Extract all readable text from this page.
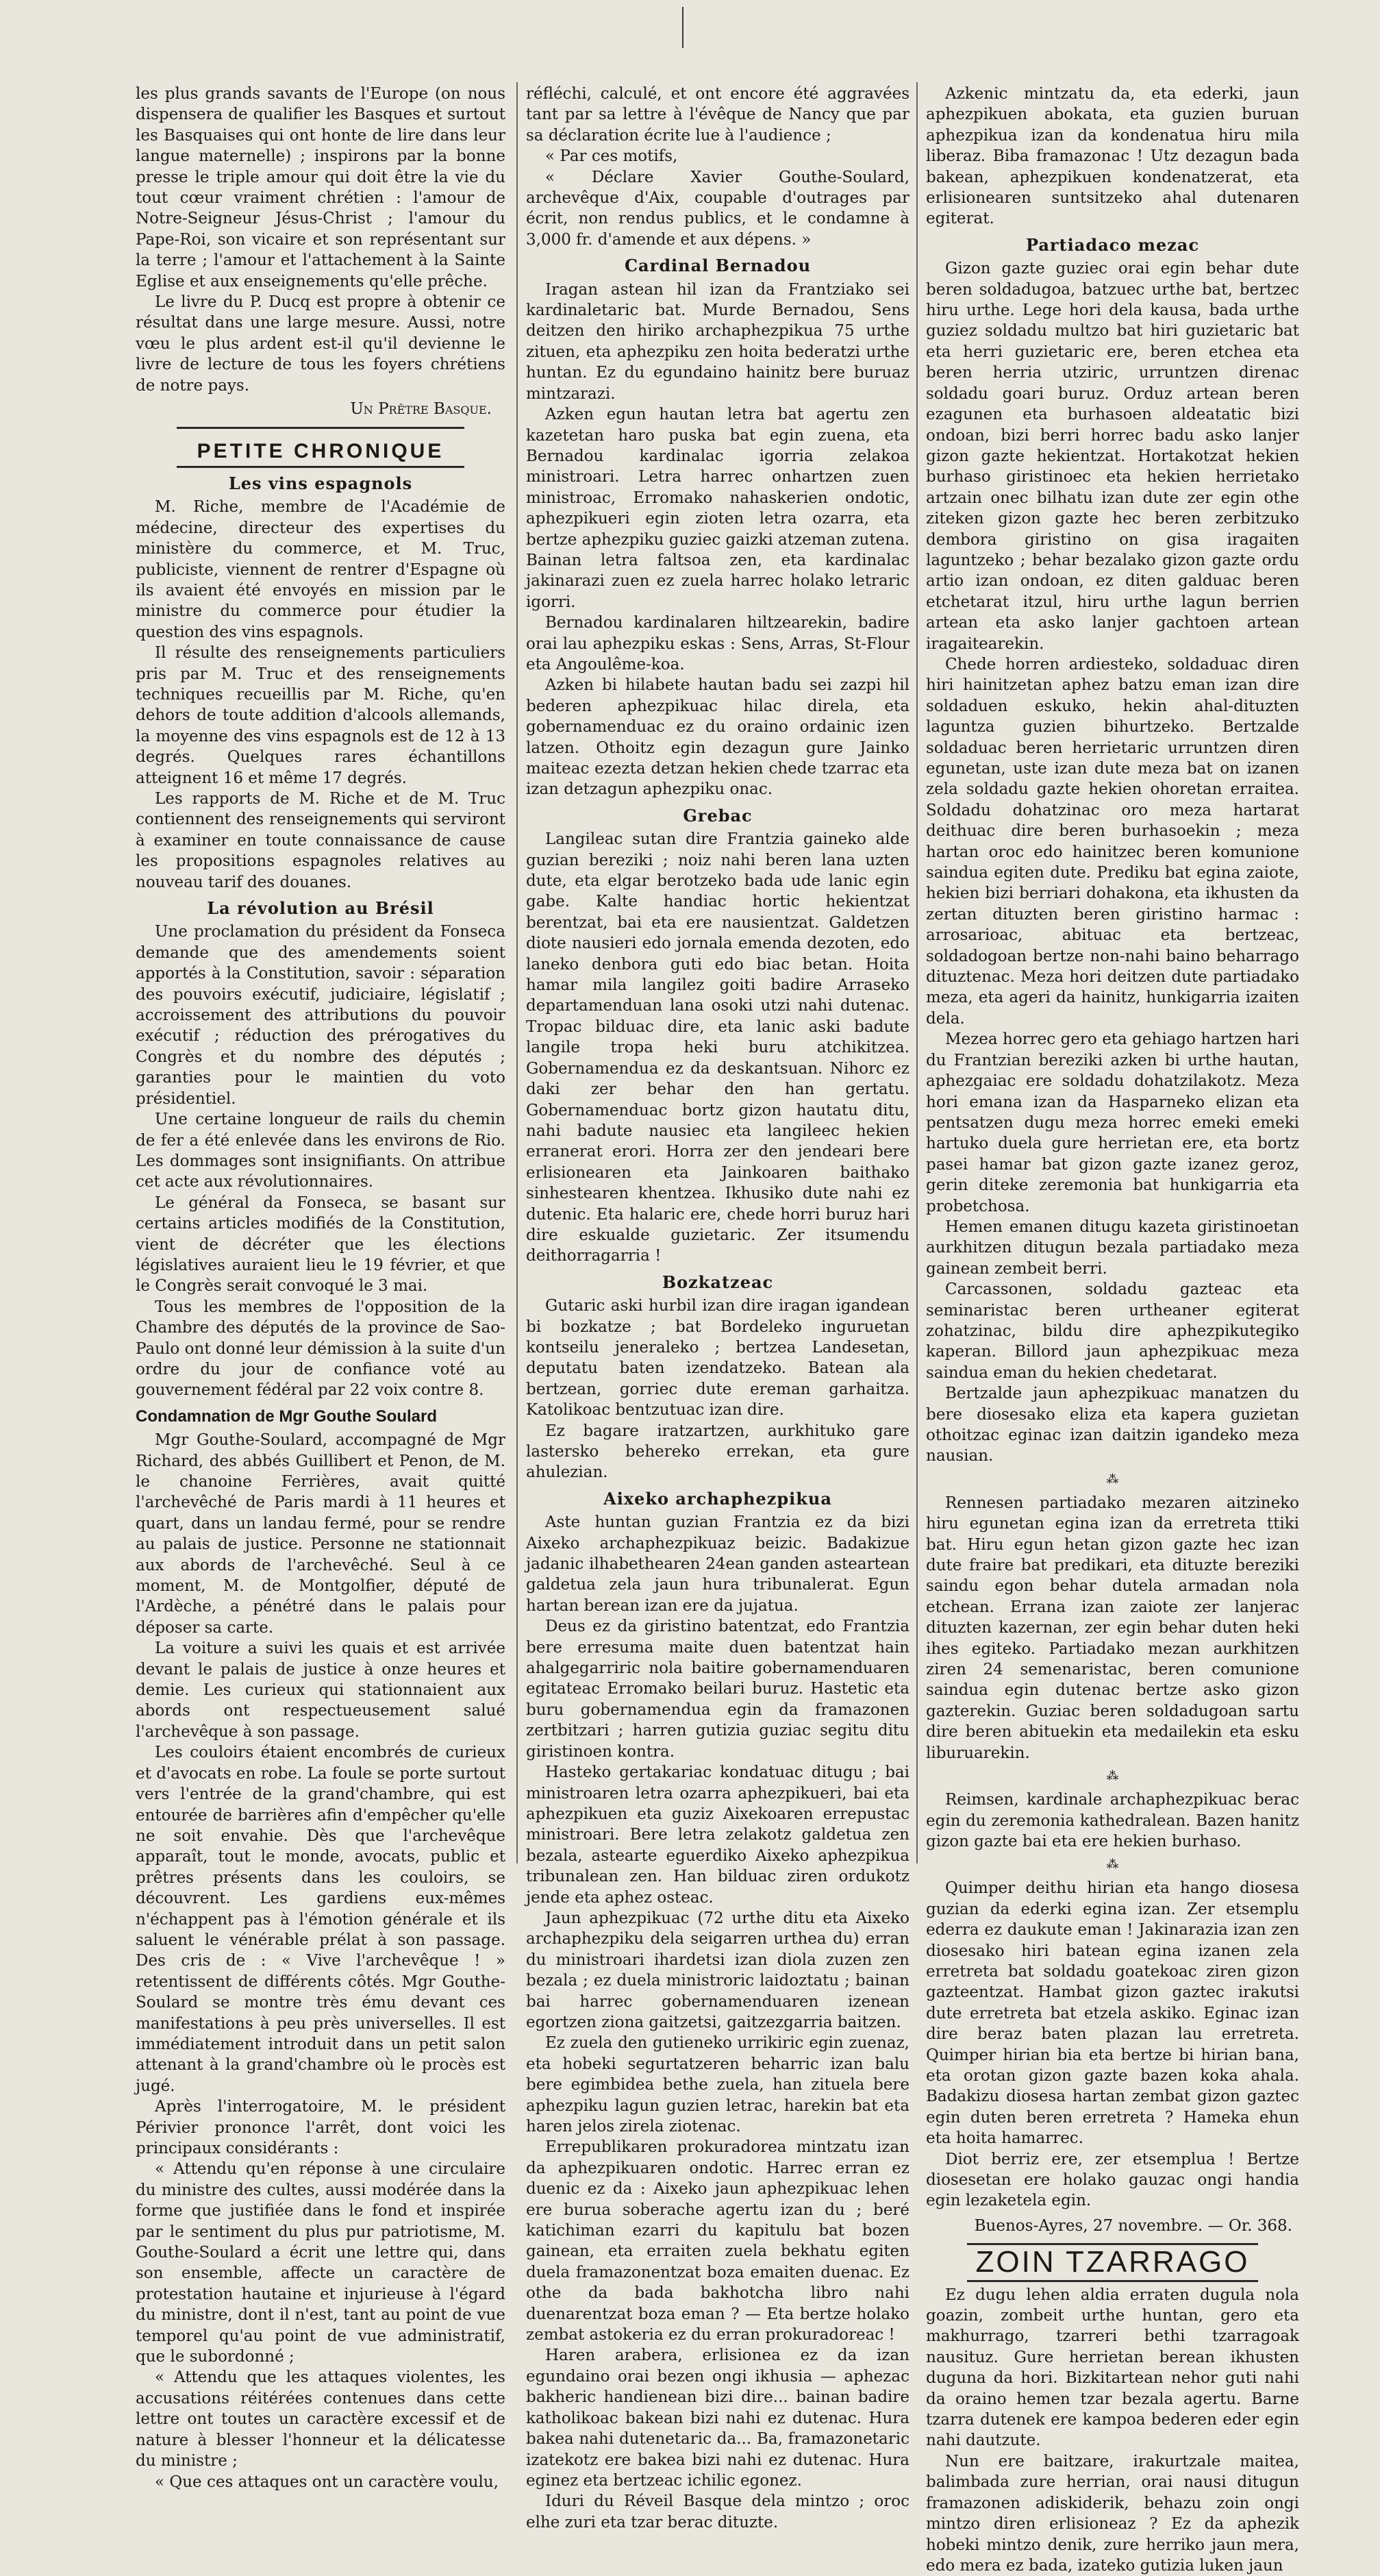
les plus grands savants de l'Europe (on nous dispensera de qualifier les Basques et surtout les Basquaises qui ont honte de lire dans leur langue maternelle) ; inspirons par la bonne presse le triple amour qui doit être la vie du tout cœur vraiment chrétien : l'amour de Notre-Seigneur Jésus-Christ ; l'amour du Pape-Roi, son vicaire et son représentant sur la terre ; l'amour et l'attachement à la Sainte Eglise et aux enseignements qu'elle prêche.

Le livre du P. Ducq est propre à obtenir ce résultat dans une large mesure. Aussi, notre vœu le plus ardent est-il qu'il devienne le livre de lecture de tous les foyers chrétiens de notre pays.

Un Prêtre Basque.
PETITE CHRONIQUE
Les vins espagnols

M. Riche, membre de l'Académie de médecine, directeur des expertises du ministère du commerce, et M. Truc, publiciste, viennent de rentrer d'Espagne où ils avaient été envoyés en mission par le ministre du commerce pour étudier la question des vins espagnols.

Il résulte des renseignements particuliers pris par M. Truc et des renseignements techniques recueillis par M. Riche, qu'en dehors de toute addition d'alcools allemands, la moyenne des vins espagnols est de 12 à 13 degrés. Quelques rares échantillons atteignent 16 et même 17 degrés.

Les rapports de M. Riche et de M. Truc contiennent des renseignements qui serviront à examiner en toute connaissance de cause les propositions espagnoles relatives au nouveau tarif des douanes.

La révolution au Brésil

Une proclamation du président da Fonseca demande que des amendements soient apportés à la Constitution, savoir : séparation des pouvoirs exécutif, judiciaire, législatif ; accroissement des attributions du pouvoir exécutif ; réduction des prérogatives du Congrès et du nombre des députés ; garanties pour le maintien du voto présidentiel.

Une certaine longueur de rails du chemin de fer a été enlevée dans les environs de Rio. Les dommages sont insignifiants. On attribue cet acte aux révolutionnaires.

Le général da Fonseca, se basant sur certains articles modifiés de la Constitution, vient de décréter que les élections législatives auraient lieu le 19 février, et que le Congrès serait convoqué le 3 mai.

Tous les membres de l'opposition de la Chambre des députés de la province de Sao-Paulo ont donné leur démission à la suite d'un ordre du jour de confiance voté au gouvernement fédéral par 22 voix contre 8.

Condamnation de Mgr Gouthe Soulard

Mgr Gouthe-Soulard, accompagné de Mgr Richard, des abbés Guillibert et Penon, de M. le chanoine Ferrières, avait quitté l'archevêché de Paris mardi à 11 heures et quart, dans un landau fermé, pour se rendre au palais de justice. Personne ne stationnait aux abords de l'archevêché. Seul à ce moment, M. de Montgolfier, député de l'Ardèche, a pénétré dans le palais pour déposer sa carte.

La voiture a suivi les quais et est arrivée devant le palais de justice à onze heures et demie. Les curieux qui stationnaient aux abords ont respectueusement salué l'archevêque à son passage.

Les couloirs étaient encombrés de curieux et d'avocats en robe. La foule se porte surtout vers l'entrée de la grand'chambre, qui est entourée de barrières afin d'empêcher qu'elle ne soit envahie. Dès que l'archevêque apparaît, tout le monde, avocats, public et prêtres présents dans les couloirs, se découvrent. Les gardiens eux-mêmes n'échappent pas à l'émotion générale et ils saluent le vénérable prélat à son passage. Des cris de : « Vive l'archevêque ! » retentissent de différents côtés. Mgr Gouthe-Soulard se montre très ému devant ces manifestations à peu près universelles. Il est immédiatement introduit dans un petit salon attenant à la grand'chambre où le procès est jugé.

Après l'interrogatoire, M. le président Périvier prononce l'arrêt, dont voici les principaux considérants :

« Attendu qu'en réponse à une circulaire du ministre des cultes, aussi modérée dans la forme que justifiée dans le fond et inspirée par le sentiment du plus pur patriotisme, M. Gouthe-Soulard a écrit une lettre qui, dans son ensemble, affecte un caractère de protestation hautaine et injurieuse à l'égard du ministre, dont il n'est, tant au point de vue temporel qu'au point de vue administratif, que le subordonné ;

« Attendu que les attaques violentes, les accusations réitérées contenues dans cette lettre ont toutes un caractère excessif et de nature à blesser l'honneur et la délicatesse du ministre ;

« Que ces attaques ont un caractère voulu,

réfléchi, calculé, et ont encore été aggravées tant par sa lettre à l'évêque de Nancy que par sa déclaration écrite lue à l'audience ;

« Par ces motifs,

« Déclare Xavier Gouthe-Soulard, archevêque d'Aix, coupable d'outrages par écrit, non rendus publics, et le condamne à 3,000 fr. d'amende et aux dépens. »

Cardinal Bernadou

Iragan astean hil izan da Frantziako sei kardinaletaric bat. Murde Bernadou, Sens deitzen den hiriko archaphezpikua 75 urthe zituen, eta aphezpiku zen hoita bederatzi urthe huntan. Ez du egundaino hainitz bere buruaz mintzarazi.

Azken egun hautan letra bat agertu zen kazetetan haro puska bat egin zuena, eta Bernadou kardinalac igorria zelakoa ministroari. Letra harrec onhartzen zuen ministroac, Erromako nahaskerien ondotic, aphezpikueri egin zioten letra ozarra, eta bertze aphezpiku guziec gaizki atzeman zutena. Bainan letra faltsoa zen, eta kardinalac jakinarazi zuen ez zuela harrec holako letraric igorri.

Bernadou kardinalaren hiltzearekin, badire orai lau aphezpiku eskas : Sens, Arras, St-Flour eta Angoulême-koa.

Azken bi hilabete hautan badu sei zazpi hil bederen aphezpikuac hilac direla, eta gobernamenduac ez du oraino ordainic izen latzen. Othoitz egin dezagun gure Jainko maiteac ezezta detzan hekien chede tzarrac eta izan detzagun aphezpiku onac.

Grebac

Langileac sutan dire Frantzia gaineko alde guzian bereziki ; noiz nahi beren lana uzten dute, eta elgar berotzeko bada ude lanic egin gabe. Kalte handiac hortic hekientzat berentzat, bai eta ere nausientzat. Galdetzen diote nausieri edo jornala emenda dezoten, edo laneko denbora guti edo biac betan. Hoita hamar mila langilez goiti badire Arraseko departamenduan lana osoki utzi nahi dutenac. Tropac bilduac dire, eta lanic aski badute langile tropa heki buru atchikitzea. Gobernamendua ez da deskantsuan. Nihorc ez daki zer behar den han gertatu. Gobernamenduac bortz gizon hautatu ditu, nahi badute nausiec eta langileec hekien erranerat erori. Horra zer den jendeari bere erlisionearen eta Jainkoaren baithako sinhestearen khentzea. Ikhusiko dute nahi ez dutenic. Eta halaric ere, chede horri buruz hari dire eskualde guzietaric. Zer itsumendu deithorragarria !

Bozkatzeac

Gutaric aski hurbil izan dire iragan igandean bi bozkatze ; bat Bordeleko inguruetan kontseilu jeneraleko ; bertzea Landesetan, deputatu baten izendatzeko. Batean ala bertzean, gorriec dute ereman garhaitza. Katolikoac bentzutuac izan dire.

Ez bagare iratzartzen, aurkhituko gare lastersko behereko errekan, eta gure ahulezian.

Aixeko archaphezpikua

Aste huntan guzian Frantzia ez da bizi Aixeko archaphezpikuaz beizic. Badakizue jadanic ilhabethearen 24ean ganden asteartean galdetua zela jaun hura tribunalerat. Egun hartan berean izan ere da jujatua.

Deus ez da giristino batentzat, edo Frantzia bere erresuma maite duen batentzat hain ahalgegarriric nola baitire gobernamenduaren egitateac Erromako beilari buruz. Hastetic eta buru gobernamendua egin da framazonen zertbitzari ; harren gutizia guziac segitu ditu giristinoen kontra.

Hasteko gertakariac kondatuac ditugu ; bai ministroaren letra ozarra aphezpikueri, bai eta aphezpikuen eta guziz Aixekoaren errepustac ministroari. Bere letra zelakotz galdetua zen bezala, astearte eguerdiko Aixeko aphezpikua tribunalean zen. Han bilduac ziren ordukotz jende eta aphez osteac.

Jaun aphezpikuac (72 urthe ditu eta Aixeko archaphezpiku dela seigarren urthea du) erran du ministroari ihardetsi izan diola zuzen zen bezala ; ez duela ministroric laidoztatu ; bainan bai harrec gobernamenduaren izenean egortzen ziona gaitzetsi, gaitzezgarria baitzen.

Ez zuela den gutieneko urrikiric egin zuenaz, eta hobeki segurtatzeren beharric izan balu bere egimbidea bethe zuela, han zituela bere aphezpiku lagun guzien letrac, harekin bat eta haren jelos zirela ziotenac.

Errepublikaren prokuradorea mintzatu izan da aphezpikuaren ondotic. Harrec erran ez duenic ez da : Aixeko jaun aphezpikuac lehen ere burua soberache agertu izan du ; beré katichiman ezarri du kapitulu bat bozen gainean, eta erraiten zuela bekhatu egiten duela framazonentzat boza emaiten duenac. Ez othe da bada bakhotcha libro nahi duenarentzat boza eman ? — Eta bertze holako zembat astokeria ez du erran prokuradoreac !

Haren arabera, erlisionea ez da izan egundaino orai bezen ongi ikhusia — aphezac bakheric handienean bizi dire... bainan badire katholikoac bakean bizi nahi ez dutenac. Hura bakea nahi dutenetaric da... Ba, framazonetaric izatekotz ere bakea bizi nahi ez dutenac. Hura eginez eta bertzeac ichilic egonez.

Iduri du Réveil Basque dela mintzo ; oroc elhe zuri eta tzar berac dituzte.

Azkenic mintzatu da, eta ederki, jaun aphezpikuen abokata, eta guzien buruan aphezpikua izan da kondenatua hiru mila liberaz. Biba framazonac ! Utz dezagun bada bakean, aphezpikuen kondenatzerat, eta erlisionearen suntsitzeko ahal dutenaren egiterat.

Partiadaco mezac

Gizon gazte guziec orai egin behar dute beren soldadugoa, batzuec urthe bat, bertzec hiru urthe. Lege hori dela kausa, bada urthe guziez soldadu multzo bat hiri guzietaric bat eta herri guzietaric ere, beren etchea eta beren herria utziric, urruntzen direnac soldadu goari buruz. Orduz artean beren ezagunen eta burhasoen aldeatatic bizi ondoan, bizi berri horrec badu asko lanjer gizon gazte hekientzat. Hortakotzat hekien burhaso giristinoec eta hekien herrietako artzain onec bilhatu izan dute zer egin othe ziteken gizon gazte hec beren zerbitzuko dembora giristino on gisa iragaiten laguntzeko ; behar bezalako gizon gazte ordu artio izan ondoan, ez diten galduac beren etchetarat itzul, hiru urthe lagun berrien artean eta asko lanjer gachtoen artean iragaitearekin.

Chede horren ardiesteko, soldaduac diren hiri hainitzetan aphez batzu eman izan dire soldaduen eskuko, hekin ahal-dituzten laguntza guzien bihurtzeko. Bertzalde soldaduac beren herrietaric urruntzen diren egunetan, uste izan dute meza bat on izanen zela soldadu gazte hekien ohoretan erraitea. Soldadu dohatzinac oro meza hartarat deithuac dire beren burhasoekin ; meza hartan oroc edo hainitzec beren komunione saindua egiten dute. Prediku bat egina zaiote, hekien bizi berriari dohakona, eta ikhusten da zertan dituzten beren giristino harmac : arrosarioac, abituac eta bertzeac, soldadogoan bertze non-nahi baino beharrago dituztenac. Meza hori deitzen dute partiadako meza, eta ageri da hainitz, hunkigarria izaiten dela.

Mezea horrec gero eta gehiago hartzen hari du Frantzian bereziki azken bi urthe hautan, aphezgaiac ere soldadu dohatzilakotz. Meza hori emana izan da Hasparneko elizan eta pentsatzen dugu meza horrec emeki emeki hartuko duela gure herrietan ere, eta bortz pasei hamar bat gizon gazte izanez geroz, gerin diteke zeremonia bat hunkigarria eta probetchosa.

Hemen emanen ditugu kazeta giristinoetan aurkhitzen ditugun bezala partiadako meza gainean zembeit berri.

Carcassonen, soldadu gazteac eta seminaristac beren urtheaner egiterat zohatzinac, bildu dire aphezpikutegiko kaperan. Billord jaun aphezpikuac meza saindua eman du hekien chedetarat.

Bertzalde jaun aphezpikuac manatzen du bere diosesako eliza eta kapera guzietan othoitzac eginac izan daitzin igandeko meza nausian.

⁂

Rennesen partiadako mezaren aitzineko hiru egunetan egina izan da erretreta ttiki bat. Hiru egun hetan gizon gazte hec izan dute fraire bat predikari, eta dituzte bereziki saindu egon behar dutela armadan nola etchean. Errana izan zaiote zer lanjerac dituzten kazernan, zer egin behar duten heki ihes egiteko. Partiadako mezan aurkhitzen ziren 24 semenaristac, beren comunione saindua egin dutenac bertze asko gizon gazterekin. Guziac beren soldadugoan sartu dire beren abituekin eta medailekin eta esku liburuarekin.

⁂

Reimsen, kardinale archaphezpikuac berac egin du zeremonia kathedralean. Bazen hanitz gizon gazte bai eta ere hekien burhaso.

⁂

Quimper deithu hirian eta hango diosesa guzian da ederki egina izan. Zer etsemplu ederra ez daukute eman ! Jakinarazia izan zen diosesako hiri batean egina izanen zela erretreta bat soldadu goatekoac ziren gizon gazteentzat. Hambat gizon gaztec irakutsi dute erretreta bat etzela askiko. Eginac izan dire beraz baten plazan lau erretreta. Quimper hirian bia eta bertze bi hirian bana, eta orotan gizon gazte bazen koka ahala. Badakizu diosesa hartan zembat gizon gaztec egin duten beren erretreta ? Hameka ehun eta hoita hamarrec.

Diot berriz ere, zer etsempluа ! Bertze diosesetan ere holako gauzac ongi handia egin lezaketela egin.

Buenos-Ayres, 27 novembre. — Or. 368.
ZOIN TZARRAGO

Ez dugu lehen aldia erraten dugula nola goazin, zombeit urthe huntan, gero eta makhurrago, tzarreri bethi tzarragoak nausituz. Gure herrietan berean ikhusten duguna da hori. Bizkitartean nehor guti nahi da oraino hemen tzar bezala agertu. Barne tzarra dutenek ere kampoa bederen eder egin nahi dautzute.

Nun ere baitzare, irakurtzale maitea, balimbada zure herrian, orai nausi ditugun framazonen adiskiderik, behazu zoin ongi mintzo diren erlisioneaz ? Ez da aphezik hobeki mintzo denik, zure herriko jaun mera, edo mera ez bada, izateko gutizia luken jaun
